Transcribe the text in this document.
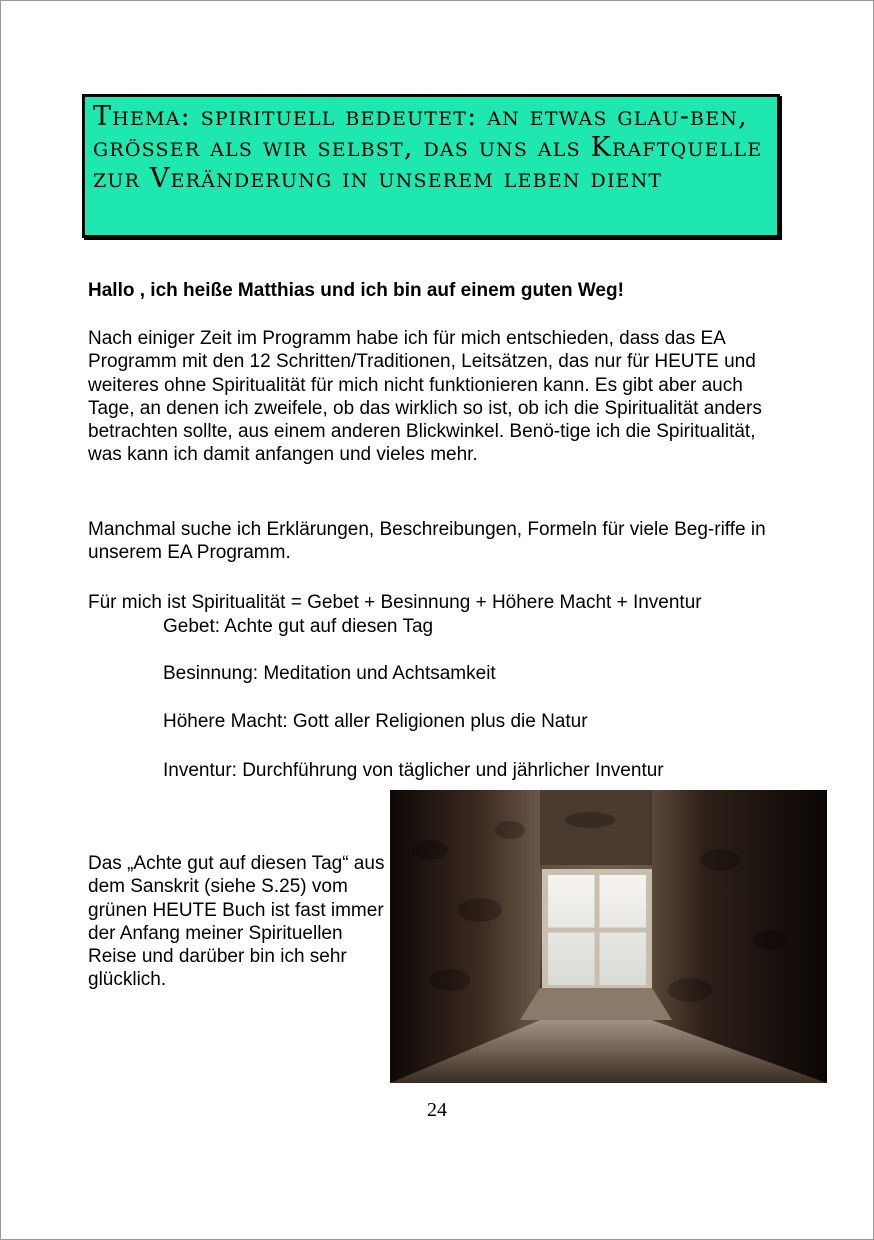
Thema: spirituell bedeutet: an etwas glau-ben, grösser als wir selbst, das uns als Kraftquelle zur Veränderung in unserem leben dient

Hallo , ich heiße Matthias und ich bin auf einem guten Weg!

Nach einiger Zeit im Programm habe ich für mich entschieden, dass das EA Programm mit den 12 Schritten/Traditionen, Leitsätzen, das nur für HEUTE und weiteres ohne Spiritualität für mich nicht funktionieren kann. Es gibt aber auch Tage, an denen ich zweifele, ob das wirklich so ist, ob ich die Spiritualität anders betrachten sollte, aus einem anderen Blickwinkel. Benö-tige ich die Spiritualität, was kann ich damit anfangen und vieles mehr.

Manchmal suche ich Erklärungen, Beschreibungen, Formeln für viele Beg-riffe in unserem EA Programm.

Für mich ist Spiritualität = Gebet + Besinnung + Höhere Macht + Inventur

Gebet: Achte gut auf diesen Tag

Besinnung: Meditation und Achtsamkeit

Höhere Macht: Gott aller Religionen plus die Natur

Inventur: Durchführung von täglicher und jährlicher Inventur

Das „Achte gut auf diesen Tag“ aus dem Sanskrit (siehe S.25) vom grünen HEUTE Buch ist fast immer der Anfang meiner Spirituellen Reise und darüber bin ich sehr glücklich.

24
